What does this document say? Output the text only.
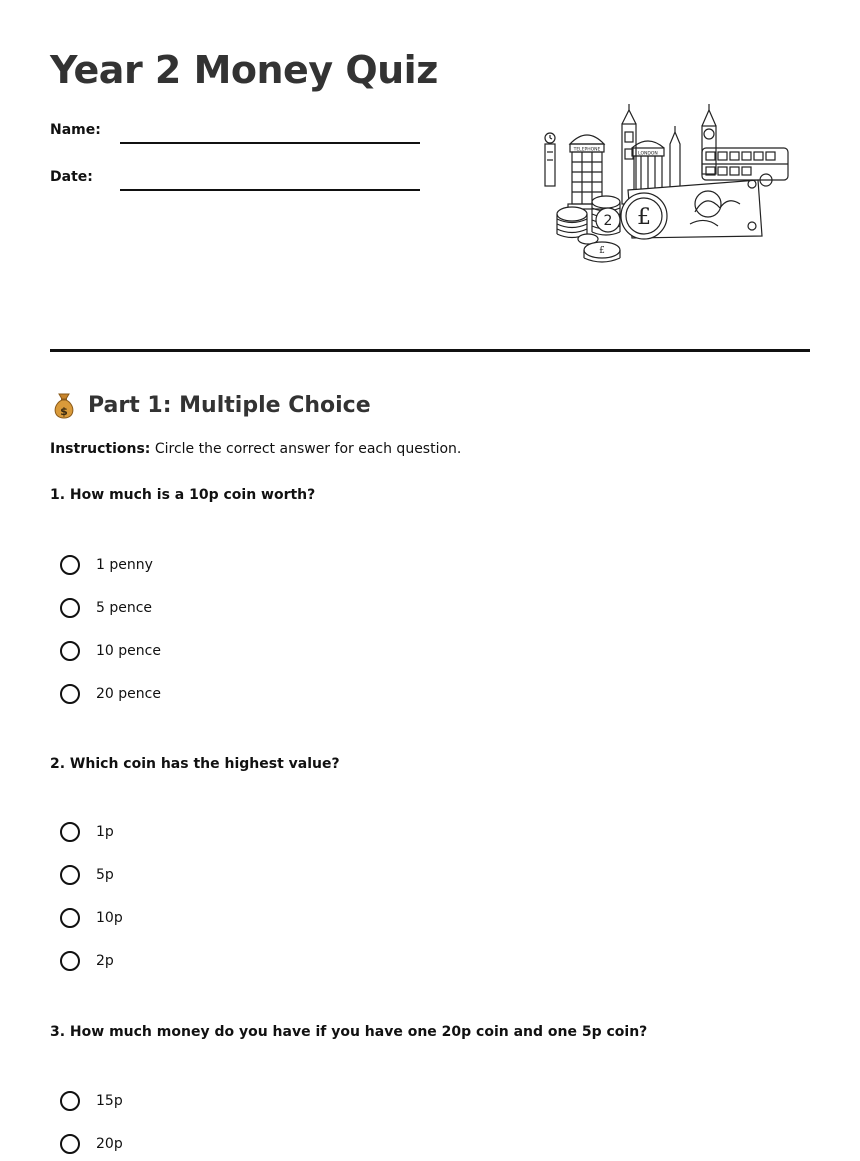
Year 2 Money Quiz
Name:
Date:
TELEPHONE
LONDON
2 £
£
$ Part 1: Multiple Choice
Instructions: Circle the correct answer for each question.
1. How much is a 10p coin worth?
1 penny
5 pence
10 pence
20 pence
2. Which coin has the highest value?
1p
5p
10p
2p
3. How much money do you have if you have one 20p coin and one 5p coin?
15p
20p
